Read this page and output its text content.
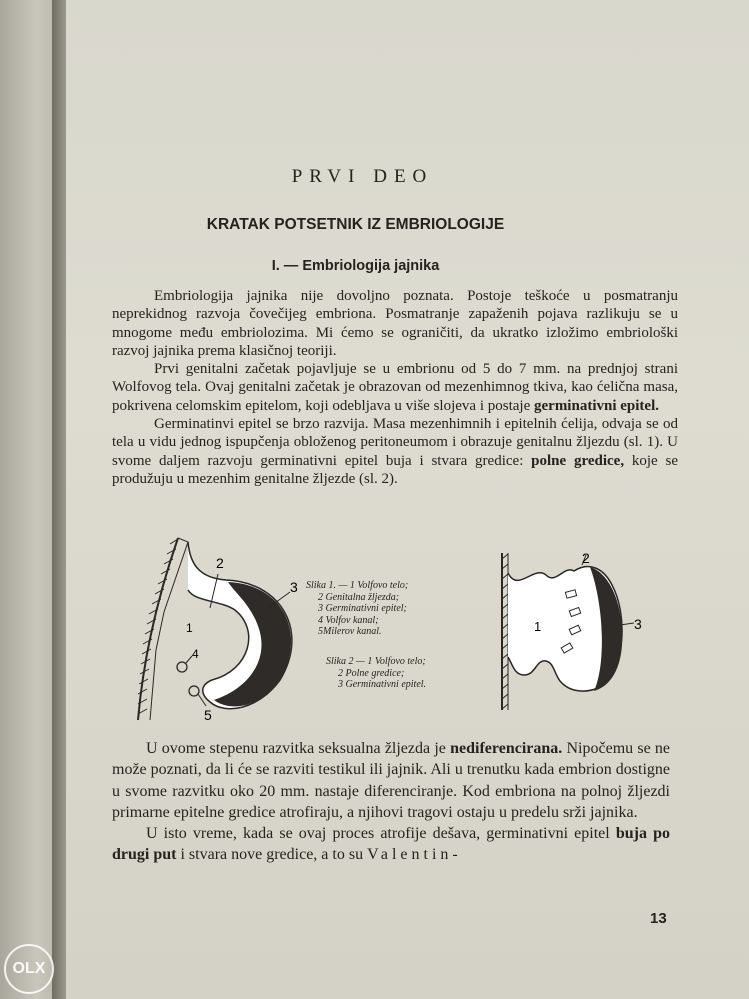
PRVI DEO
KRATAK POTSETNIK IZ EMBRIOLOGIJE
I. — Embriologija jajnika

Embriologija jajnika nije dovoljno poznata. Postoje teškoće u posmatranju neprekidnog razvoja čovečijeg embriona. Posmatranje zapaženih pojava razlikuju se u mnogome među embriolozima. Mi ćemo se ograničiti, da ukratko izložimo embriološki razvoj jajnika prema klasičnoj teoriji.

Prvi genitalni začetak pojavljuje se u embrionu od 5 do 7 mm. na prednjoj strani Wolfovog tela. Ovaj genitalni začetak je obrazovan od mezenhimnog tkiva, kao ćelična masa, pokrivena celomskim epitelom, koji odebljava u više slojeva i postaje germinativni epitel.

Germinatinvi epitel se brzo razvija. Masa mezenhimnih i epitelnih ćelija, odvaja se od tela u vidu jednog ispupčenja obloženog peritoneumom i obrazuje genitalnu žljezdu (sl. 1). U svome daljem razvoju germinativni epitel buja i stvara gredice: polne gredice, koje se produžuju u mezenhim genitalne žljezde (sl. 2).

1
2
3
4
5
Slika 1. — 1 Volfovo telo;
2 Genitalna žljezda;
3 Germinativni epitel;
4 Volfov kanal;
5Milerov kanal.
Slika 2 — 1 Volfovo telo;
2 Polne gredice;
3 Germinativni epitel.
2
1	3

U ovome stepenu razvitka seksualna žljezda je nediferencirana. Nipočemu se ne može poznati, da li će se razviti testikul ili jajnik. Ali u trenutku kada embrion dostigne u svome razvitku oko 20 mm. nastaje diferenciranje. Kod embriona na polnoj žljezdi primarne epitelne gredice atrofiraju, a njihovi tragovi ostaju u predelu srži jajnika.

U isto vreme, kada se ovaj proces atrofije dešava, germinativni epitel buja po drugi put i stvara nove gredice, a to su Valentin-

13
OLX
